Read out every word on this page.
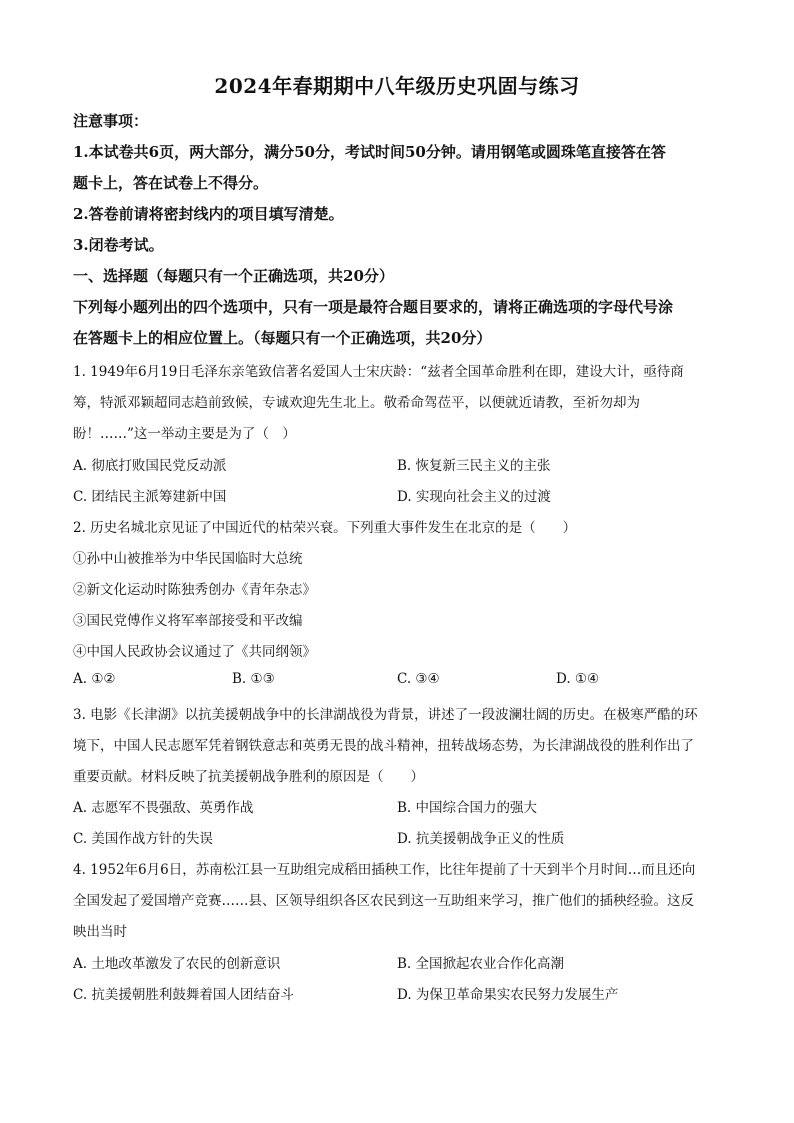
2024年春期期中八年级历史巩固与练习
注意事项：
1.本试卷共6页，两大部分，满分50分，考试时间50分钟。请用钢笔或圆珠笔直接答在答
题卡上，答在试卷上不得分。
2.答卷前请将密封线内的项目填写清楚。
3.闭卷考试。
一、选择题（每题只有一个正确选项，共20分）
下列每小题列出的四个选项中，只有一项是最符合题目要求的，请将正确选项的字母代号涂
在答题卡上的相应位置上。（每题只有一个正确选项，共20分）
1. 1949年6月19日毛泽东亲笔致信著名爱国人士宋庆龄：“兹者全国革命胜利在即，建设大计，亟待商
筹，特派邓颖超同志趋前致候，专诚欢迎先生北上。敬希命驾莅平，以便就近请教，至祈勿却为
盼！……”这一举动主要是为了（　）
A. 彻底打败国民党反动派	B. 恢复新三民主义的主张
C. 团结民主派筹建新中国	D. 实现向社会主义的过渡
2. 历史名城北京见证了中国近代的枯荣兴衰。下列重大事件发生在北京的是（　　）
①孙中山被推举为中华民国临时大总统
②新文化运动时陈独秀创办《青年杂志》
③国民党傅作义将军率部接受和平改编
④中国人民政协会议通过了《共同纲领》
A. ①②	B. ①③	C. ③④	D. ①④
3. 电影《长津湖》以抗美援朝战争中的长津湖战役为背景，讲述了一段波澜壮阔的历史。在极寒严酷的环
境下，中国人民志愿军凭着钢铁意志和英勇无畏的战斗精神，扭转战场态势，为长津湖战役的胜利作出了
重要贡献。材料反映了抗美援朝战争胜利的原因是（　　）
A. 志愿军不畏强敌、英勇作战	B. 中国综合国力的强大
C. 美国作战方针的失误	D. 抗美援朝战争正义的性质
4. 1952年6月6日，苏南松江县一互助组完成稻田插秧工作，比往年提前了十天到半个月时间…而且还向
全国发起了爱国增产竞赛……县、区领导组织各区农民到这一互助组来学习，推广他们的插秧经验。这反
映出当时
A. 土地改革激发了农民的创新意识	B. 全国掀起农业合作化高潮
C. 抗美援朝胜利鼓舞着国人团结奋斗	D. 为保卫革命果实农民努力发展生产
